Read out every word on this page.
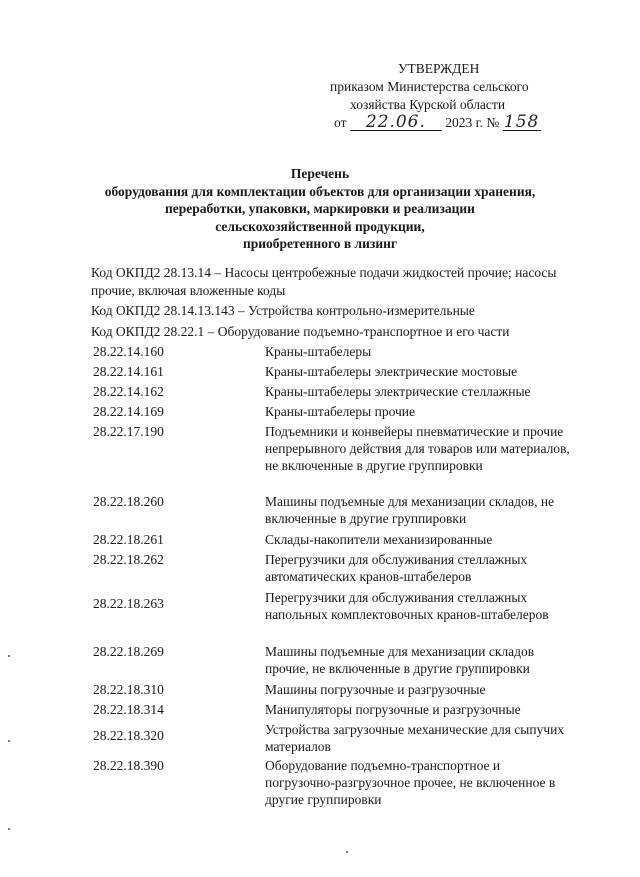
УТВЕРЖДЕН
приказом Министерства сельского
хозяйства Курской области
от 22.06. 2023 г. № 158
Перечень
оборудования для комплектации объектов для организации хранения,
переработки, упаковки, маркировки и реализации
сельскохозяйственной продукции,
приобретенного в лизинг
Код ОКПД2 28.13.14 – Насосы центробежные подачи жидкостей прочие; насосы прочие, включая вложенные коды
Код ОКПД2 28.14.13.143 – Устройства контрольно-измерительные
Код ОКПД2 28.22.1 – Оборудование подъемно-транспортное и его части
28.22.14.160	Краны-штабелеры
28.22.14.161	Краны-штабелеры электрические мостовые
28.22.14.162	Краны-штабелеры электрические стеллажные
28.22.14.169	Краны-штабелеры прочие
28.22.17.190	Подъемники и конвейеры пневматические и прочие непрерывного действия для товаров или материалов, не включенные в другие группировки
28.22.18.260	Машины подъемные для механизации складов, не включенные в другие группировки
28.22.18.261	Склады-накопители механизированные
28.22.18.262	Перегрузчики для обслуживания стеллажных автоматических кранов-штабелеров
28.22.18.263	Перегрузчики для обслуживания стеллажных напольных комплектовочных кранов-штабелеров
28.22.18.269	Машины подъемные для механизации складов прочие, не включенные в другие группировки
28.22.18.310	Машины погрузочные и разгрузочные
28.22.18.314	Манипуляторы погрузочные и разгрузочные
28.22.18.320	Устройства загрузочные механические для сыпучих материалов
28.22.18.390	Оборудование подъемно-транспортное и погрузочно-разгрузочное прочее, не включенное в другие группировки
